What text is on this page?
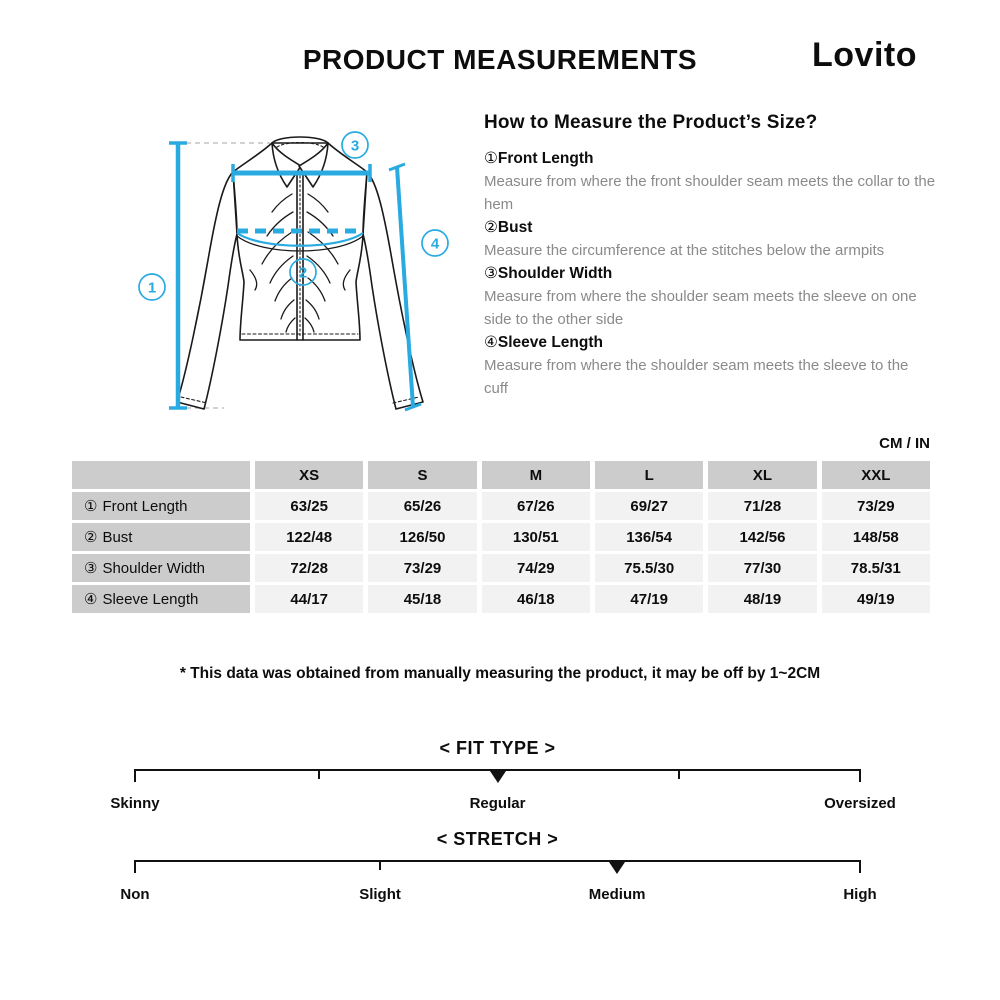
PRODUCT MEASUREMENTS	Lovito
1
2
3
4
How to Measure the Product’s Size?
①Front Length

Measure from where the front shoulder seam meets the collar to the hem

②Bust

Measure the circumference at the stitches below the armpits

③Shoulder Width

Measure from where the shoulder seam meets the sleeve on one side to the other side

④Sleeve Length

Measure from where the shoulder seam meets the sleeve to the cuff

CM / IN
XS	S	M	L	XL	XXL
① Front Length	63/25	65/26	67/26	69/27	71/28	73/29
② Bust	122/48	126/50	130/51	136/54	142/56	148/58
③ Shoulder Width	72/28	73/29	74/29	75.5/30	77/30	78.5/31
④ Sleeve Length	44/17	45/18	46/18	47/19	48/19	49/19
* This data was obtained from manually measuring the product, it may be off by 1~2CM
< FIT TYPE >
Skinny	Regular	Oversized
< STRETCH >
Non	Slight	Medium	High
